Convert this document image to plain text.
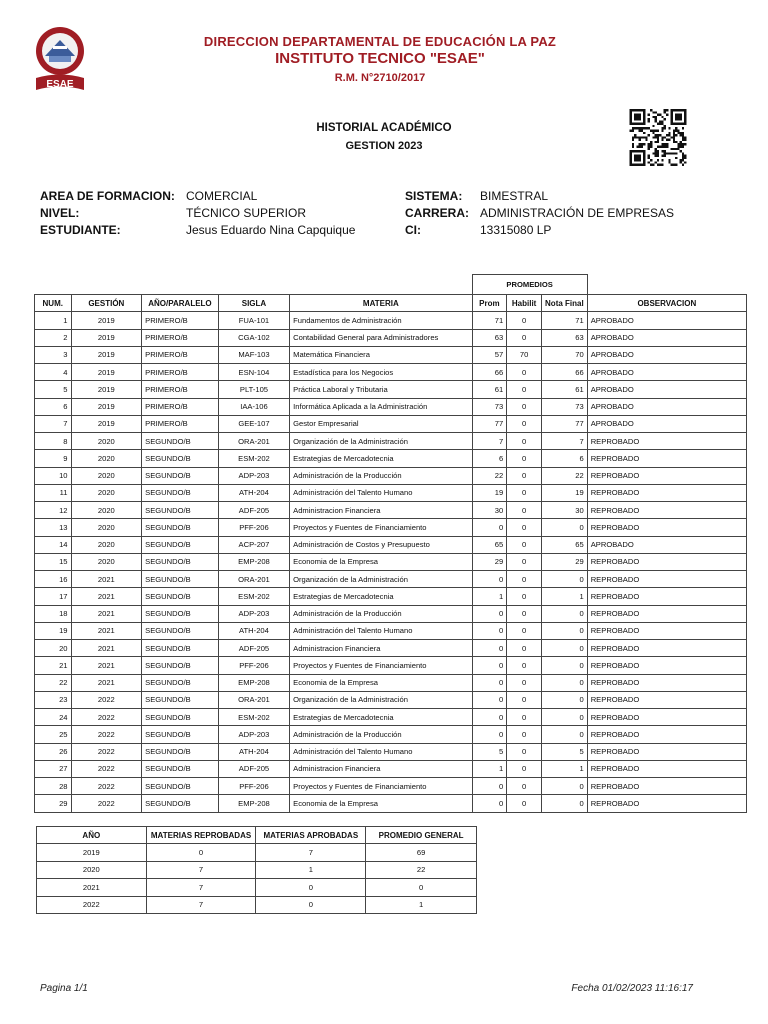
ESAE
DIRECCION DEPARTAMENTAL DE EDUCACIÓN LA PAZ
INSTITUTO TECNICO "ESAE"
R.M. N°2710/2017
HISTORIAL ACADÉMICO
GESTION 2023
AREA DE FORMACION: COMERCIAL
NIVEL:	TÉCNICO SUPERIOR
ESTUDIANTE:	Jesus Eduardo Nina Capquique
SISTEMA:	BIMESTRAL
CARRERA: ADMINISTRACIÓN DE EMPRESAS
CI:	13315080 LP
					PROMEDIOS			
NUM.	GESTIÓN	AÑO/PARALELO	SIGLA	MATERIA	Prom	Habilit	Nota Final	OBSERVACION
1	2019	PRIMERO/B	FUA-101	Fundamentos de Administración	71	0	71	APROBADO
2	2019	PRIMERO/B	CGA-102	Contabilidad General para Administradores	63	0	63	APROBADO
3	2019	PRIMERO/B	MAF-103	Matemática Financiera	57	70	70	APROBADO
4	2019	PRIMERO/B	ESN-104	Estadística para los Negocios	66	0	66	APROBADO
5	2019	PRIMERO/B	PLT-105	Práctica Laboral y Tributaria	61	0	61	APROBADO
6	2019	PRIMERO/B	IAA-106	Informática Aplicada a la Administración	73	0	73	APROBADO
7	2019	PRIMERO/B	GEE-107	Gestor Empresarial	77	0	77	APROBADO
8	2020	SEGUNDO/B	ORA-201	Organización de la Administración	7	0	7	REPROBADO
9	2020	SEGUNDO/B	ESM-202	Estrategias de Mercadotecnia	6	0	6	REPROBADO
10	2020	SEGUNDO/B	ADP-203	Administración de la Producción	22	0	22	REPROBADO
11	2020	SEGUNDO/B	ATH-204	Administración del Talento Humano	19	0	19	REPROBADO
12	2020	SEGUNDO/B	ADF-205	Administracion Financiera	30	0	30	REPROBADO
13	2020	SEGUNDO/B	PFF-206	Proyectos y Fuentes de Financiamiento	0	0	0	REPROBADO
14	2020	SEGUNDO/B	ACP-207	Administración de Costos y Presupuesto	65	0	65	APROBADO
15	2020	SEGUNDO/B	EMP-208	Economia de la Empresa	29	0	29	REPROBADO
16	2021	SEGUNDO/B	ORA-201	Organización de la Administración	0	0	0	REPROBADO
17	2021	SEGUNDO/B	ESM-202	Estrategias de Mercadotecnia	1	0	1	REPROBADO
18	2021	SEGUNDO/B	ADP-203	Administración de la Producción	0	0	0	REPROBADO
19	2021	SEGUNDO/B	ATH-204	Administración del Talento Humano	0	0	0	REPROBADO
20	2021	SEGUNDO/B	ADF-205	Administracion Financiera	0	0	0	REPROBADO
21	2021	SEGUNDO/B	PFF-206	Proyectos y Fuentes de Financiamiento	0	0	0	REPROBADO
22	2021	SEGUNDO/B	EMP-208	Economia de la Empresa	0	0	0	REPROBADO
23	2022	SEGUNDO/B	ORA-201	Organización de la Administración	0	0	0	REPROBADO
24	2022	SEGUNDO/B	ESM-202	Estrategias de Mercadotecnia	0	0	0	REPROBADO
25	2022	SEGUNDO/B	ADP-203	Administración de la Producción	0	0	0	REPROBADO
26	2022	SEGUNDO/B	ATH-204	Administración del Talento Humano	5	0	5	REPROBADO
27	2022	SEGUNDO/B	ADF-205	Administracion Financiera	1	0	1	REPROBADO
28	2022	SEGUNDO/B	PFF-206	Proyectos y Fuentes de Financiamiento	0	0	0	REPROBADO
29	2022	SEGUNDO/B	EMP-208	Economia de la Empresa	0	0	0	REPROBADO
AÑO	MATERIAS REPROBADAS	MATERIAS APROBADAS	PROMEDIO GENERAL
2019	0	7	69
2020	7	1	22
2021	7	0	0
2022	7	0	1
Pagina 1/1	Fecha 01/02/2023 11:16:17
